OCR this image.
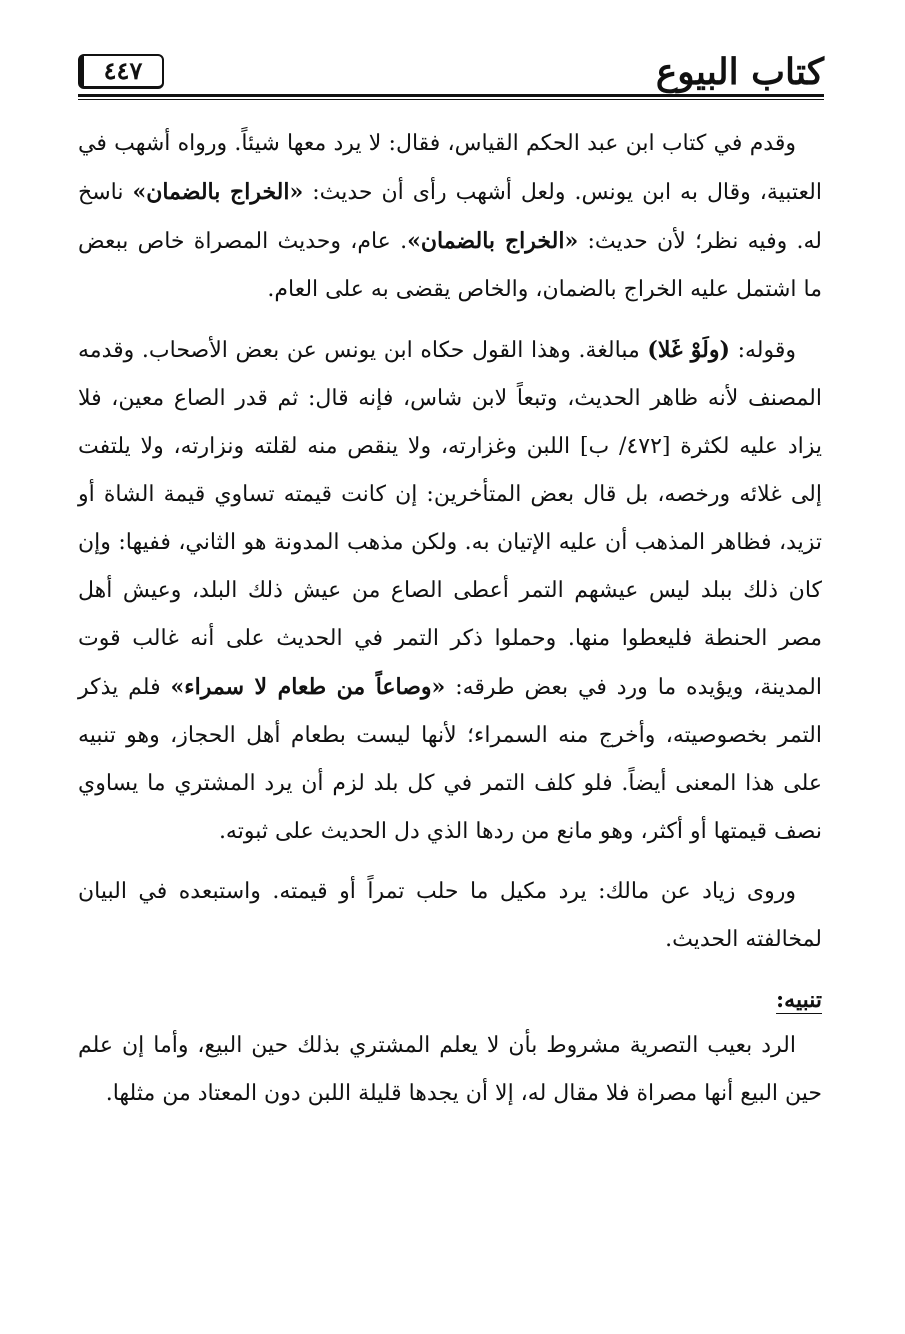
كتاب البيوع
٤٤٧

وقدم في كتاب ابن عبد الحكم القياس، فقال: لا يرد معها شيئاً. ورواه أشهب في العتبية، وقال به ابن يونس. ولعل أشهب رأى أن حديث: «الخراج بالضمان» ناسخ له. وفيه نظر؛ لأن حديث: «الخراج بالضمان». عام، وحديث المصراة خاص ببعض ما اشتمل عليه الخراج بالضمان، والخاص يقضى به على العام.

وقوله: (ولَوْ غَلا) مبالغة. وهذا القول حكاه ابن يونس عن بعض الأصحاب. وقدمه المصنف لأنه ظاهر الحديث، وتبعاً لابن شاس، فإنه قال: ثم قدر الصاع معين، فلا يزاد عليه لكثرة [٤٧٢/ ب] اللبن وغزارته، ولا ينقص منه لقلته ونزارته، ولا يلتفت إلى غلائه ورخصه، بل قال بعض المتأخرين: إن كانت قيمته تساوي قيمة الشاة أو تزيد، فظاهر المذهب أن عليه الإتيان به. ولكن مذهب المدونة هو الثاني، ففيها: وإن كان ذلك ببلد ليس عيشهم التمر أعطى الصاع من عيش ذلك البلد، وعيش أهل مصر الحنطة فليعطوا منها. وحملوا ذكر التمر في الحديث على أنه غالب قوت المدينة، ويؤيده ما ورد في بعض طرقه: «وصاعاً من طعام لا سمراء» فلم يذكر التمر بخصوصيته، وأخرج منه السمراء؛ لأنها ليست بطعام أهل الحجاز، وهو تنبيه على هذا المعنى أيضاً. فلو كلف التمر في كل بلد لزم أن يرد المشتري ما يساوي نصف قيمتها أو أكثر، وهو مانع من ردها الذي دل الحديث على ثبوته.

وروى زياد عن مالك: يرد مكيل ما حلب تمراً أو قيمته. واستبعده في البيان لمخالفته الحديث.

تنبيه:

الرد بعيب التصرية مشروط بأن لا يعلم المشتري بذلك حين البيع، وأما إن علم حين البيع أنها مصراة فلا مقال له، إلا أن يجدها قليلة اللبن دون المعتاد من مثلها.
